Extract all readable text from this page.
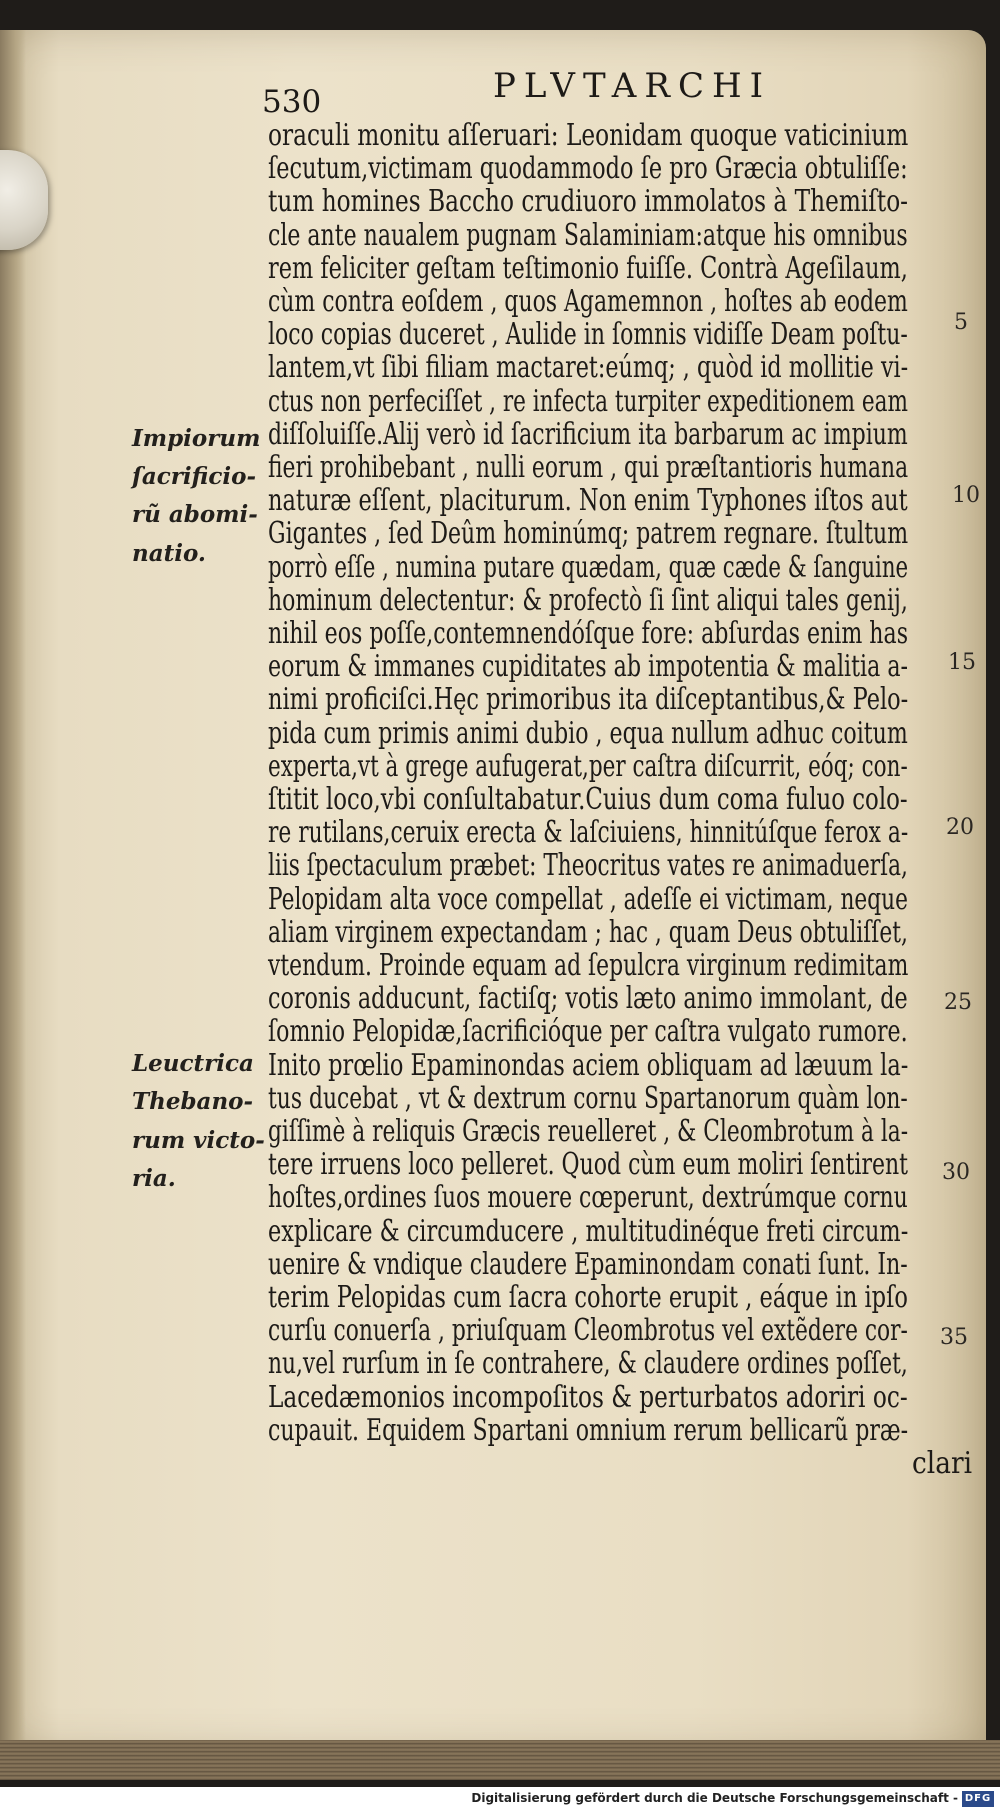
530	PLVTARCHI
oraculi monitu aſſeruari: Leonidam quoque vaticinium
ſecutum,victimam quodammodo ſe pro Græcia obtuliſſe:
tum homines Baccho crudiuoro immolatos à Themiſto-
cle ante naualem pugnam Salaminiam:atque his omnibus
rem feliciter geſtam teſtimonio fuiſſe. Contrà Ageſilaum,
cùm contra eoſdem , quos Agamemnon , hoſtes ab eodem
loco copias duceret , Aulide in ſomnis vidiſſe Deam poſtu-
lantem,vt ſibi filiam mactaret:eúmq; , quòd id mollitie vi-
ctus non perfeciſſet , re infecta turpiter expeditionem eam
diſſoluiſſe.Alij verò id ſacrificium ita barbarum ac impium
fieri prohibebant , nulli eorum , qui præſtantioris humana
naturæ eſſent, placiturum. Non enim Typhones iſtos aut
Gigantes , ſed Deûm hominúmq; patrem regnare. ſtultum
porrò eſſe , numina putare quædam, quæ cæde & ſanguine
hominum delectentur: & profectò ſi ſint aliqui tales genij,
nihil eos poſſe,contemnendóſque fore: abſurdas enim has
eorum & immanes cupiditates ab impotentia & malitia a-
nimi proficiſci.Hęc primoribus ita diſceptantibus,& Pelo-
pida cum primis animi dubio , equa nullum adhuc coitum
experta,vt à grege aufugerat,per caſtra diſcurrit, eóq; con-
ſtitit loco,vbi conſultabatur.Cuius dum coma fuluo colo-
re rutilans,ceruix erecta & laſciuiens, hinnitúſque ferox a-
liis ſpectaculum præbet: Theocritus vates re animaduerſa,
Pelopidam alta voce compellat , adeſſe ei victimam, neque
aliam virginem expectandam ; hac , quam Deus obtuliſſet,
vtendum. Proinde equam ad ſepulcra virginum redimitam
coronis adducunt, factiſq; votis læto animo immolant, de
ſomnio Pelopidæ,ſacrificióque per caſtra vulgato rumore.
Inito prœlio Epaminondas aciem obliquam ad læuum la-
tus ducebat , vt & dextrum cornu Spartanorum quàm lon-
giſſimè à reliquis Græcis reuelleret , & Cleombrotum à la-
tere irruens loco pelleret. Quod cùm eum moliri ſentirent
hoſtes,ordines ſuos mouere cœperunt, dextrúmque cornu
explicare & circumducere , multitudinéque freti circum-
uenire & vndique claudere Epaminondam conati ſunt. In-
terim Pelopidas cum ſacra cohorte erupit , eáque in ipſo
curſu conuerſa , priuſquam Cleombrotus vel extẽdere cor-
nu,vel rurſum in ſe contrahere, & claudere ordines poſſet,
Lacedæmonios incompoſitos & perturbatos adoriri oc-
cupauit. Equidem Spartani omnium rerum bellicarũ præ-
clari
Impiorum
ſacrificio-
rũ abomi-
natio.
Leuctrica
Thebano-
rum victo-
ria.
5
10
15
20
25
30
35
Digitalisierung gefördert durch die Deutsche Forschungsgemeinschaft - DFG
